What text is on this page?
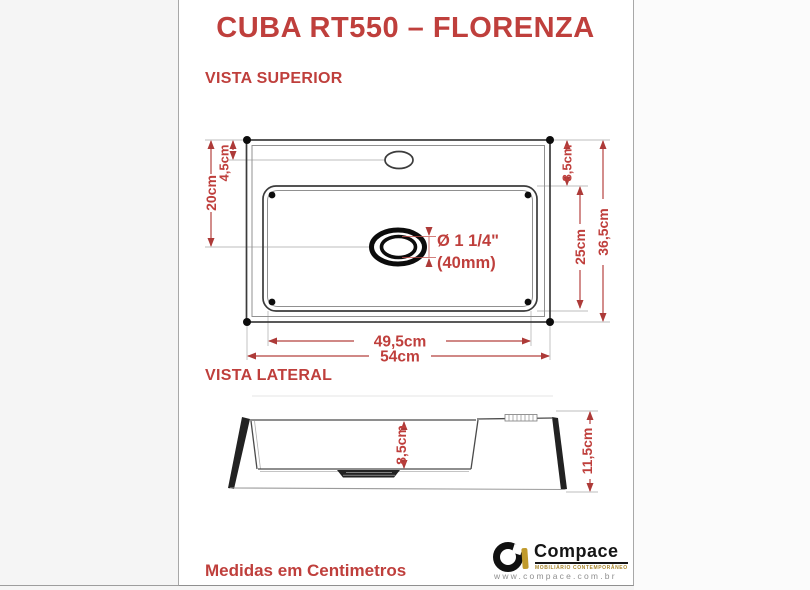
CUBA RT550 – FLORENZA
VISTA SUPERIOR
4,5cm
20cm
8,5cm
25cm 36,5cm
49,5cm
54cm
Ø 1 1/4"
(40mm)
VISTA LATERAL
8,5cm	11,5cm
Medidas em Centimetros
Compace
MOBILIÁRIO CONTEMPORÂNEO
www.compace.com.br
